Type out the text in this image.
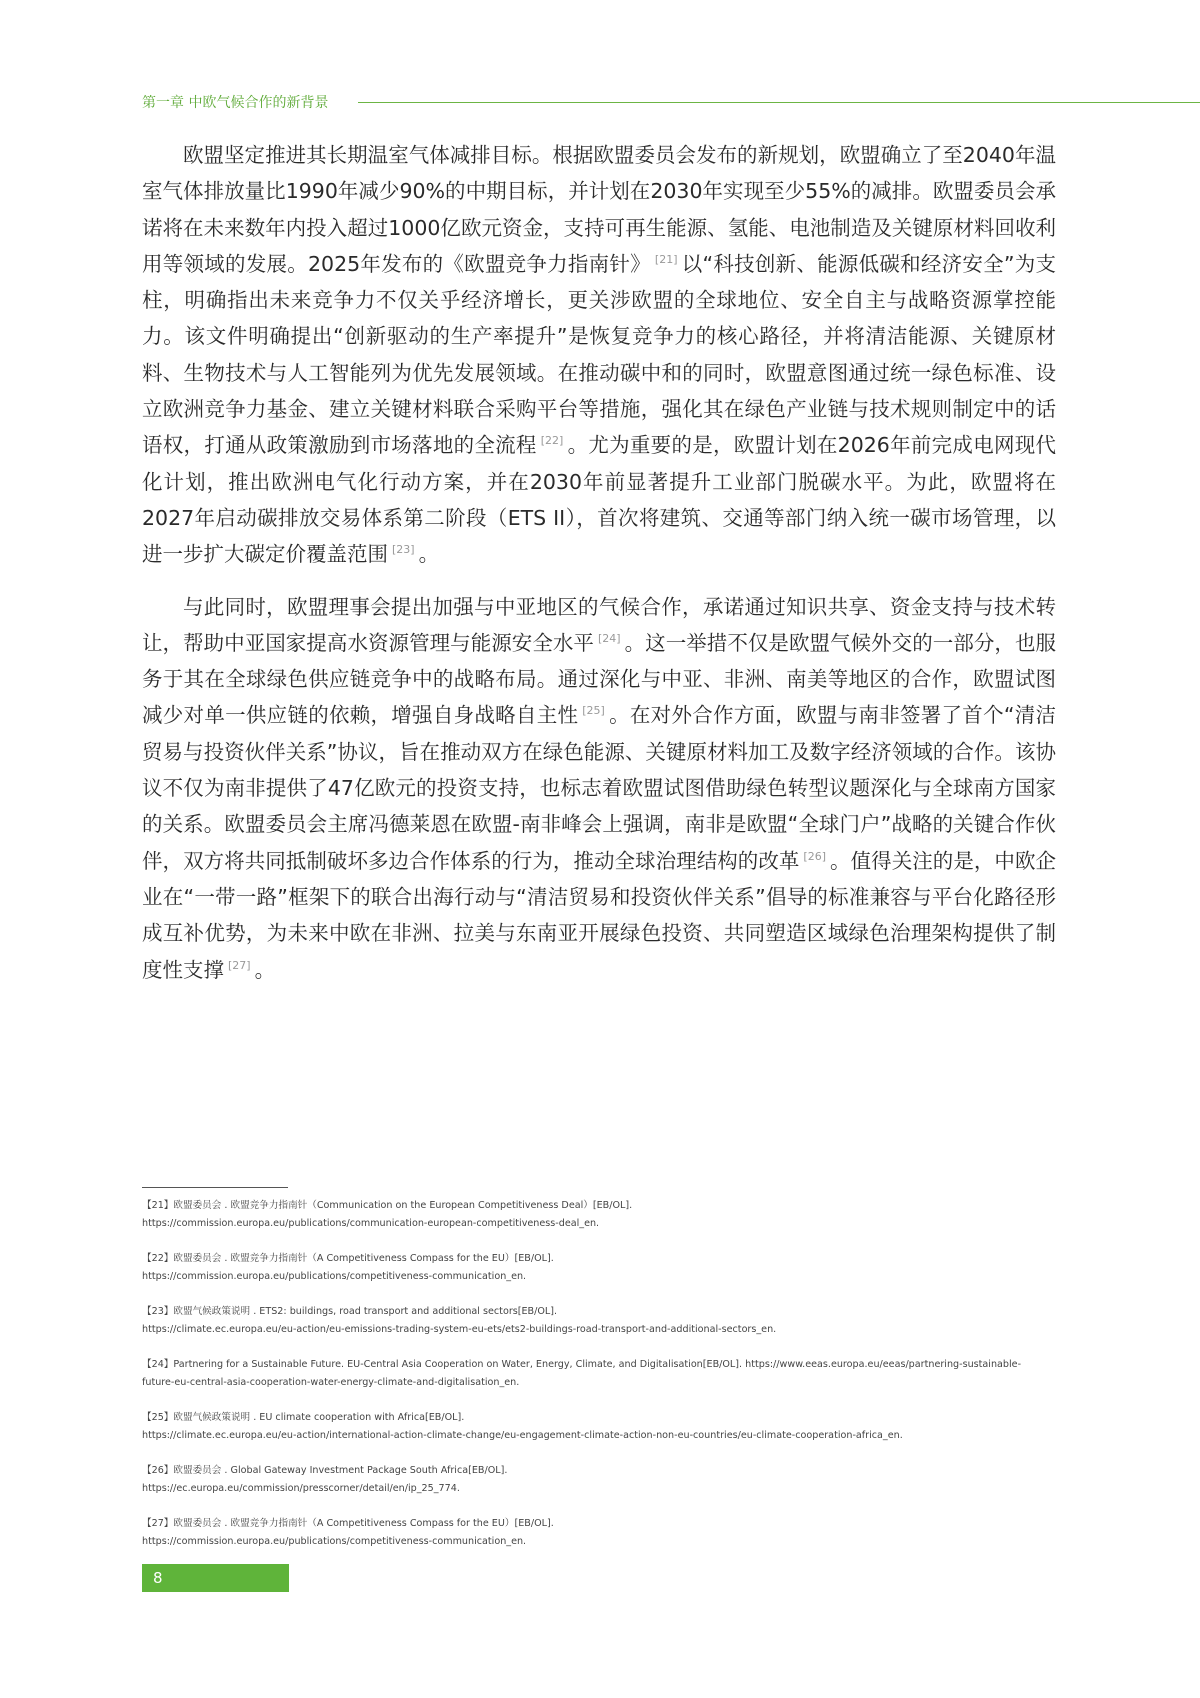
第一章 中欧气候合作的新背景

欧盟坚定推进其长期温室气体减排目标。根据欧盟委员会发布的新规划，欧盟确立了至2040年温室气体排放量比1990年减少90%的中期目标，并计划在2030年实现至少55%的减排。欧盟委员会承诺将在未来数年内投入超过1000亿欧元资金，支持可再生能源、氢能、电池制造及关键原材料回收利用等领域的发展。2025年发布的《欧盟竞争力指南针》 [21] 以“科技创新、能源低碳和经济安全”为支柱，明确指出未来竞争力不仅关乎经济增长，更关涉欧盟的全球地位、安全自主与战略资源掌控能力。该文件明确提出“创新驱动的生产率提升”是恢复竞争力的核心路径，并将清洁能源、关键原材料、生物技术与人工智能列为优先发展领域。在推动碳中和的同时，欧盟意图通过统一绿色标准、设立欧洲竞争力基金、建立关键材料联合采购平台等措施，强化其在绿色产业链与技术规则制定中的话语权，打通从政策激励到市场落地的全流程 [22] 。尤为重要的是，欧盟计划在2026年前完成电网现代化计划，推出欧洲电气化行动方案，并在2030年前显著提升工业部门脱碳水平。为此，欧盟将在2027年启动碳排放交易体系第二阶段（ETS II），首次将建筑、交通等部门纳入统一碳市场管理，以进一步扩大碳定价覆盖范围 [23] 。

与此同时，欧盟理事会提出加强与中亚地区的气候合作，承诺通过知识共享、资金支持与技术转让，帮助中亚国家提高水资源管理与能源安全水平 [24] 。这一举措不仅是欧盟气候外交的一部分，也服务于其在全球绿色供应链竞争中的战略布局。通过深化与中亚、非洲、南美等地区的合作，欧盟试图减少对单一供应链的依赖，增强自身战略自主性 [25] 。在对外合作方面，欧盟与南非签署了首个“清洁贸易与投资伙伴关系”协议，旨在推动双方在绿色能源、关键原材料加工及数字经济领域的合作。该协议不仅为南非提供了47亿欧元的投资支持，也标志着欧盟试图借助绿色转型议题深化与全球南方国家的关系。欧盟委员会主席冯德莱恩在欧盟-南非峰会上强调，南非是欧盟“全球门户”战略的关键合作伙伴，双方将共同抵制破坏多边合作体系的行为，推动全球治理结构的改革 [26] 。值得关注的是，中欧企业在“一带一路”框架下的联合出海行动与“清洁贸易和投资伙伴关系”倡导的标准兼容与平台化路径形成互补优势，为未来中欧在非洲、拉美与东南亚开展绿色投资、共同塑造区域绿色治理架构提供了制度性支撑 [27] 。

【21】欧盟委员会 . 欧盟竞争力指南针（Communication on the European Competitiveness Deal）[EB/OL].
https://commission.europa.eu/publications/communication-european-competitiveness-deal_en.
【22】欧盟委员会 . 欧盟竞争力指南针（A Competitiveness Compass for the EU）[EB/OL].
https://commission.europa.eu/publications/competitiveness-communication_en.
【23】欧盟气候政策说明 . ETS2: buildings, road transport and additional sectors[EB/OL].
https://climate.ec.europa.eu/eu-action/eu-emissions-trading-system-eu-ets/ets2-buildings-road-transport-and-additional-sectors_en.
【24】Partnering for a Sustainable Future. EU-Central Asia Cooperation on Water, Energy, Climate, and Digitalisation[EB/OL]. https://www.eeas.europa.eu/eeas/partnering-sustainable-
future-eu-central-asia-cooperation-water-energy-climate-and-digitalisation_en.
【25】欧盟气候政策说明 . EU climate cooperation with Africa[EB/OL].
https://climate.ec.europa.eu/eu-action/international-action-climate-change/eu-engagement-climate-action-non-eu-countries/eu-climate-cooperation-africa_en.
【26】欧盟委员会 . Global Gateway Investment Package South Africa[EB/OL].
https://ec.europa.eu/commission/presscorner/detail/en/ip_25_774.
【27】欧盟委员会 . 欧盟竞争力指南针（A Competitiveness Compass for the EU）[EB/OL].
https://commission.europa.eu/publications/competitiveness-communication_en.
8
